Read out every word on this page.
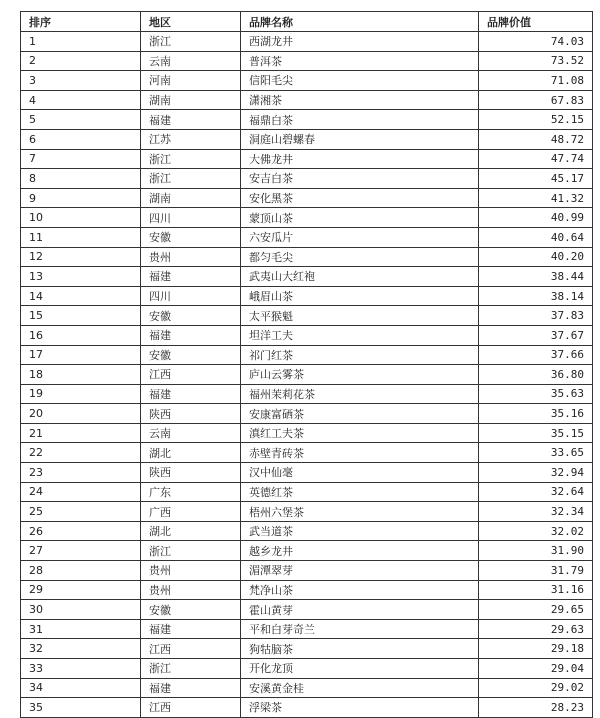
排序	地区	品牌名称	品牌价值
1	浙江	西湖龙井	74.03
2	云南	普洱茶	73.52
3	河南	信阳毛尖	71.08
4	湖南	潇湘茶	67.83
5	福建	福鼎白茶	52.15
6	江苏	洞庭山碧螺春	48.72
7	浙江	大佛龙井	47.74
8	浙江	安吉白茶	45.17
9	湖南	安化黑茶	41.32
10	四川	蒙顶山茶	40.99
11	安徽	六安瓜片	40.64
12	贵州	都匀毛尖	40.20
13	福建	武夷山大红袍	38.44
14	四川	峨眉山茶	38.14
15	安徽	太平猴魁	37.83
16	福建	坦洋工夫	37.67
17	安徽	祁门红茶	37.66
18	江西	庐山云雾茶	36.80
19	福建	福州茉莉花茶	35.63
20	陕西	安康富硒茶	35.16
21	云南	滇红工夫茶	35.15
22	湖北	赤壁青砖茶	33.65
23	陕西	汉中仙毫	32.94
24	广东	英德红茶	32.64
25	广西	梧州六堡茶	32.34
26	湖北	武当道茶	32.02
27	浙江	越乡龙井	31.90
28	贵州	湄潭翠芽	31.79
29	贵州	梵净山茶	31.16
30	安徽	霍山黄芽	29.65
31	福建	平和白芽奇兰	29.63
32	江西	狗牯脑茶	29.18
33	浙江	开化龙顶	29.04
34	福建	安溪黄金桂	29.02
35	江西	浮梁茶	28.23
